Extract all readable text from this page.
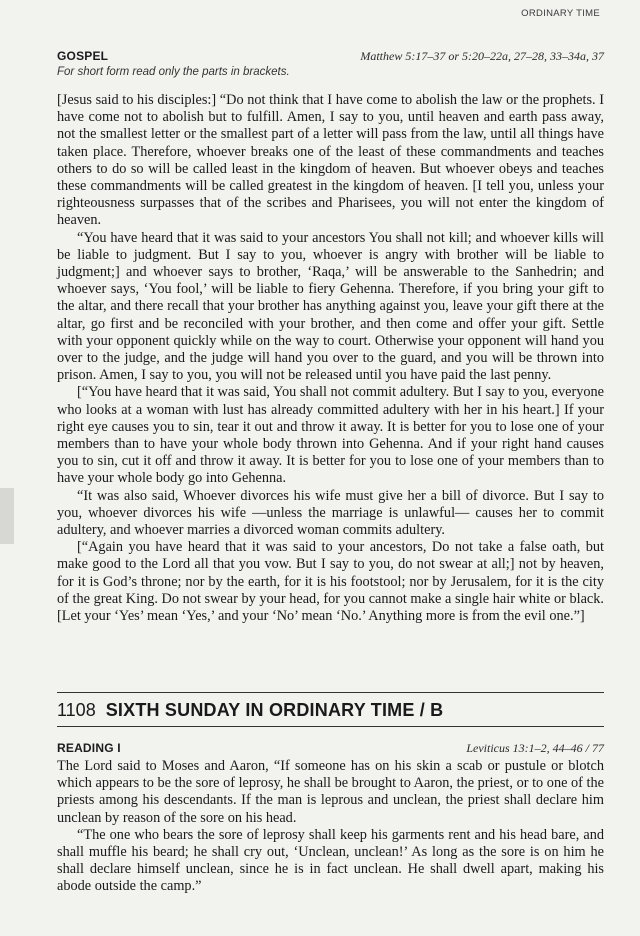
ORDINARY TIME
GOSPEL	Matthew 5:17–37 or 5:20–22a, 27–28, 33–34a, 37
For short form read only the parts in brackets.

[Jesus said to his disciples:] “Do not think that I have come to abolish the law or the prophets. I have come not to abolish but to fulfill. Amen, I say to you, until heaven and earth pass away, not the smallest letter or the smallest part of a letter will pass from the law, until all things have taken place. Therefore, whoever breaks one of the least of these commandments and teaches others to do so will be called least in the kingdom of heaven. But whoever obeys and teaches these commandments will be called greatest in the kingdom of heaven. [I tell you, unless your righteousness surpasses that of the scribes and Pharisees, you will not enter the kingdom of heaven.

“You have heard that it was said to your ancestors You shall not kill; and whoever kills will be liable to judgment. But I say to you, whoever is angry with brother will be liable to judgment;] and whoever says to brother, ‘Raqa,’ will be answerable to the Sanhedrin; and whoever says, ‘You fool,’ will be liable to fiery Gehenna. Therefore, if you bring your gift to the altar, and there recall that your brother has anything against you, leave your gift there at the altar, go first and be reconciled with your brother, and then come and offer your gift. Settle with your opponent quickly while on the way to court. Otherwise your opponent will hand you over to the judge, and the judge will hand you over to the guard, and you will be thrown into prison. Amen, I say to you, you will not be released until you have paid the last penny.

[“You have heard that it was said, You shall not commit adultery. But I say to you, everyone who looks at a woman with lust has already committed adultery with her in his heart.] If your right eye causes you to sin, tear it out and throw it away. It is better for you to lose one of your members than to have your whole body thrown into Gehenna. And if your right hand causes you to sin, cut it off and throw it away. It is better for you to lose one of your members than to have your whole body go into Gehenna.

“It was also said, Whoever divorces his wife must give her a bill of divorce. But I say to you, whoever divorces his wife —unless the marriage is unlawful— causes her to commit adultery, and whoever marries a divorced woman commits adultery.

[“Again you have heard that it was said to your ancestors, Do not take a false oath, but make good to the Lord all that you vow. But I say to you, do not swear at all;] not by heaven, for it is God’s throne; nor by the earth, for it is his footstool; nor by Jerusalem, for it is the city of the great King. Do not swear by your head, for you cannot make a single hair white or black. [Let your ‘Yes’ mean ‘Yes,’ and your ‘No’ mean ‘No.’ Anything more is from the evil one.”]

1108 SIXTH SUNDAY IN ORDINARY TIME / B
READING I	Leviticus 13:1–2, 44–46 / 77

The Lord said to Moses and Aaron, “If someone has on his skin a scab or pustule or blotch which appears to be the sore of leprosy, he shall be brought to Aaron, the priest, or to one of the priests among his descendants. If the man is leprous and unclean, the priest shall declare him unclean by reason of the sore on his head.

“The one who bears the sore of leprosy shall keep his garments rent and his head bare, and shall muffle his beard; he shall cry out, ‘Unclean, unclean!’ As long as the sore is on him he shall declare himself unclean, since he is in fact unclean. He shall dwell apart, making his abode outside the camp.”
